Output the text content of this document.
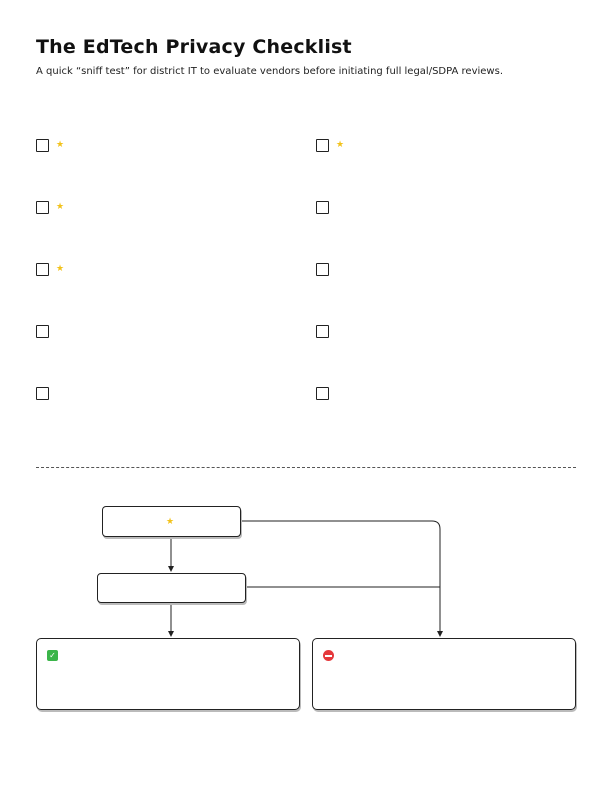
The EdTech Privacy Checklist
A quick “sniff test” for district IT to evaluate vendors before initiating full legal/SDPA reviews.
★
★
★
★
★
✓
